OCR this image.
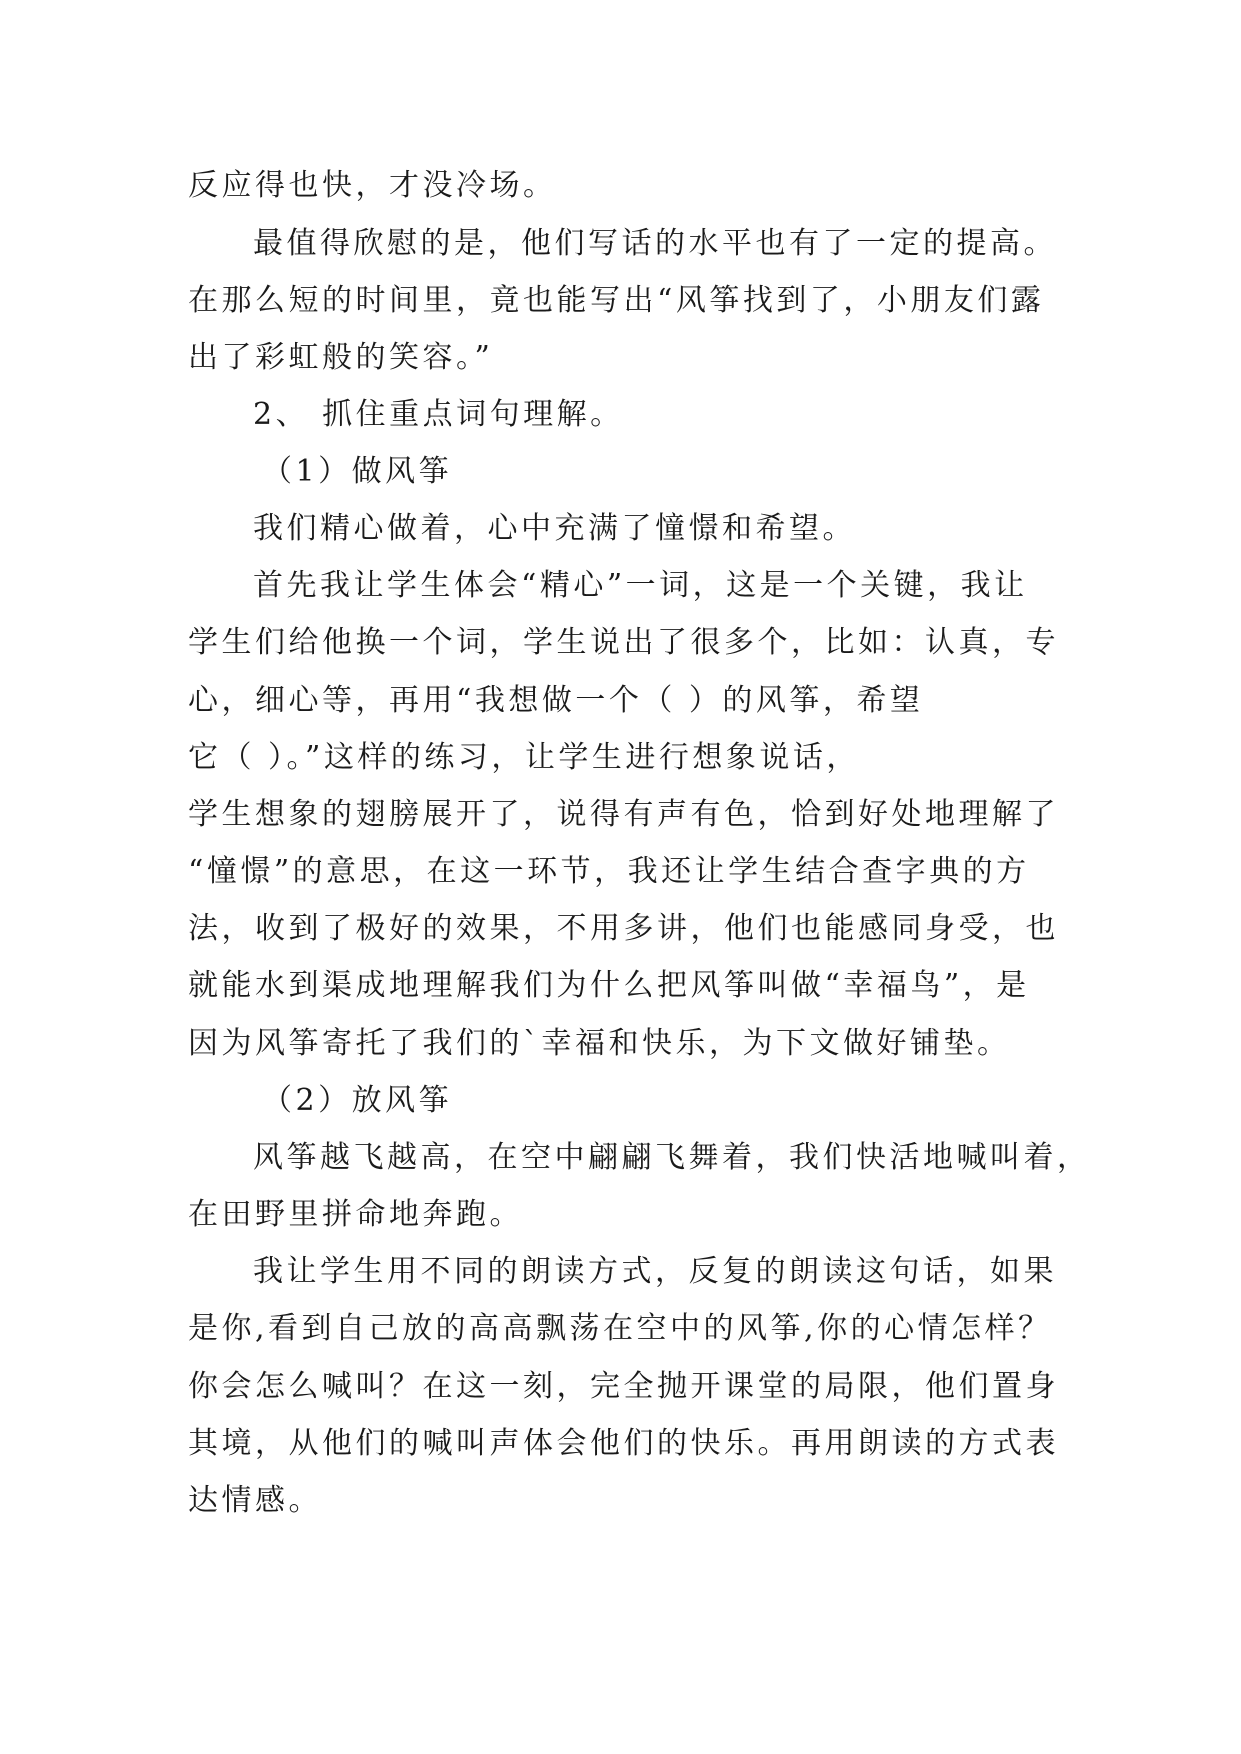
反应得也快，才没冷场。
最值得欣慰的是，他们写话的水平也有了一定的提高。
在那么短的时间里，竟也能写出“风筝找到了，小朋友们露
出了彩虹般的笑容。”
2、 抓住重点词句理解。
（1）做风筝
我们精心做着，心中充满了憧憬和希望。
首先我让学生体会“精心”一词，这是一个关键，我让
学生们给他换一个词，学生说出了很多个，比如：认真，专
心，细心等，再用“我想做一个（ ）的风筝，希望
它（ ）。”这样的练习，让学生进行想象说话，
学生想象的翅膀展开了，说得有声有色，恰到好处地理解了
“憧憬”的意思，在这一环节，我还让学生结合查字典的方
法，收到了极好的效果，不用多讲，他们也能感同身受，也
就能水到渠成地理解我们为什么把风筝叫做“幸福鸟”，是
因为风筝寄托了我们的`幸福和快乐，为下文做好铺垫。
（2）放风筝
风筝越飞越高，在空中翩翩飞舞着，我们快活地喊叫着，
在田野里拼命地奔跑。
我让学生用不同的朗读方式，反复的朗读这句话，如果
是你,看到自己放的高高飘荡在空中的风筝,你的心情怎样？
你会怎么喊叫？在这一刻，完全抛开课堂的局限，他们置身
其境，从他们的喊叫声体会他们的快乐。再用朗读的方式表
达情感。
